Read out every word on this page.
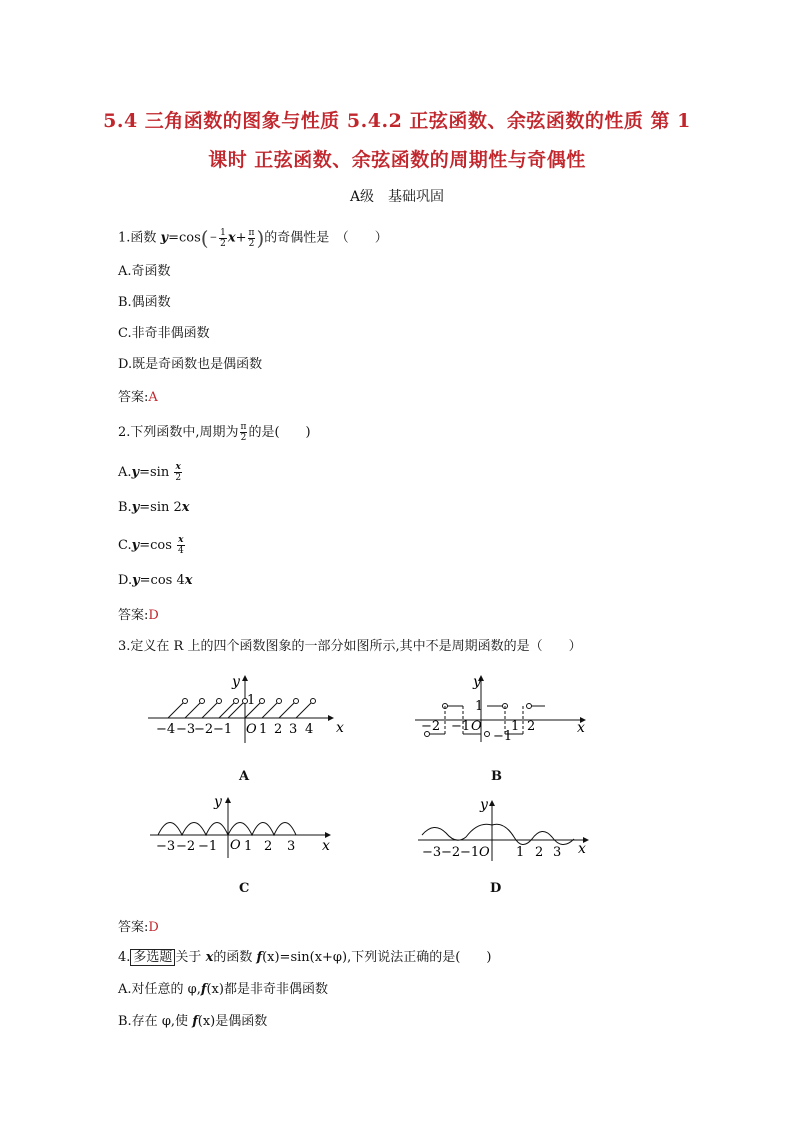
5.4 三角函数的图象与性质 5.4.2 正弦函数、余弦函数的性质 第 1
课时 正弦函数、余弦函数的周期性与奇偶性
A级　基础巩固
1.函数 $y=\cos(- \frac{1}{2} x+ \frac{\pi}{2}$ )的奇偶性是　（　　）
A.奇函数
B.偶函数
C.非奇非偶函数
D.既是奇函数也是偶函数
答案:A
2.下列函数中,周期为 $\frac{\pi}{2}$ 的是(　　)
$A.y=\sin \frac{x}{2}$
B.y=sin 2x
$C.y=\cos \frac{x}{4}$
D.y=cos 4x
答案:D
3.定义在 R 上的四个函数图象的一部分如图所示,其中不是周期函数的是（　　）
y
1
x
O
−4 −3
−2 −1 1 2 3 4
A
y
1
−1
x
O
−2 −1	1 2
B
y
x
O
−3 −2 −1 1 2 3
C
y
x
O
−3 −2 −1	1 2 3
D
答案:D
4. 多选题 关于 x的函数 f(x)=sin(x+φ),下列说法正确的是(　　)
A.对任意的 φ,f(x)都是非奇非偶函数
B.存在 φ,使 f(x)是偶函数
